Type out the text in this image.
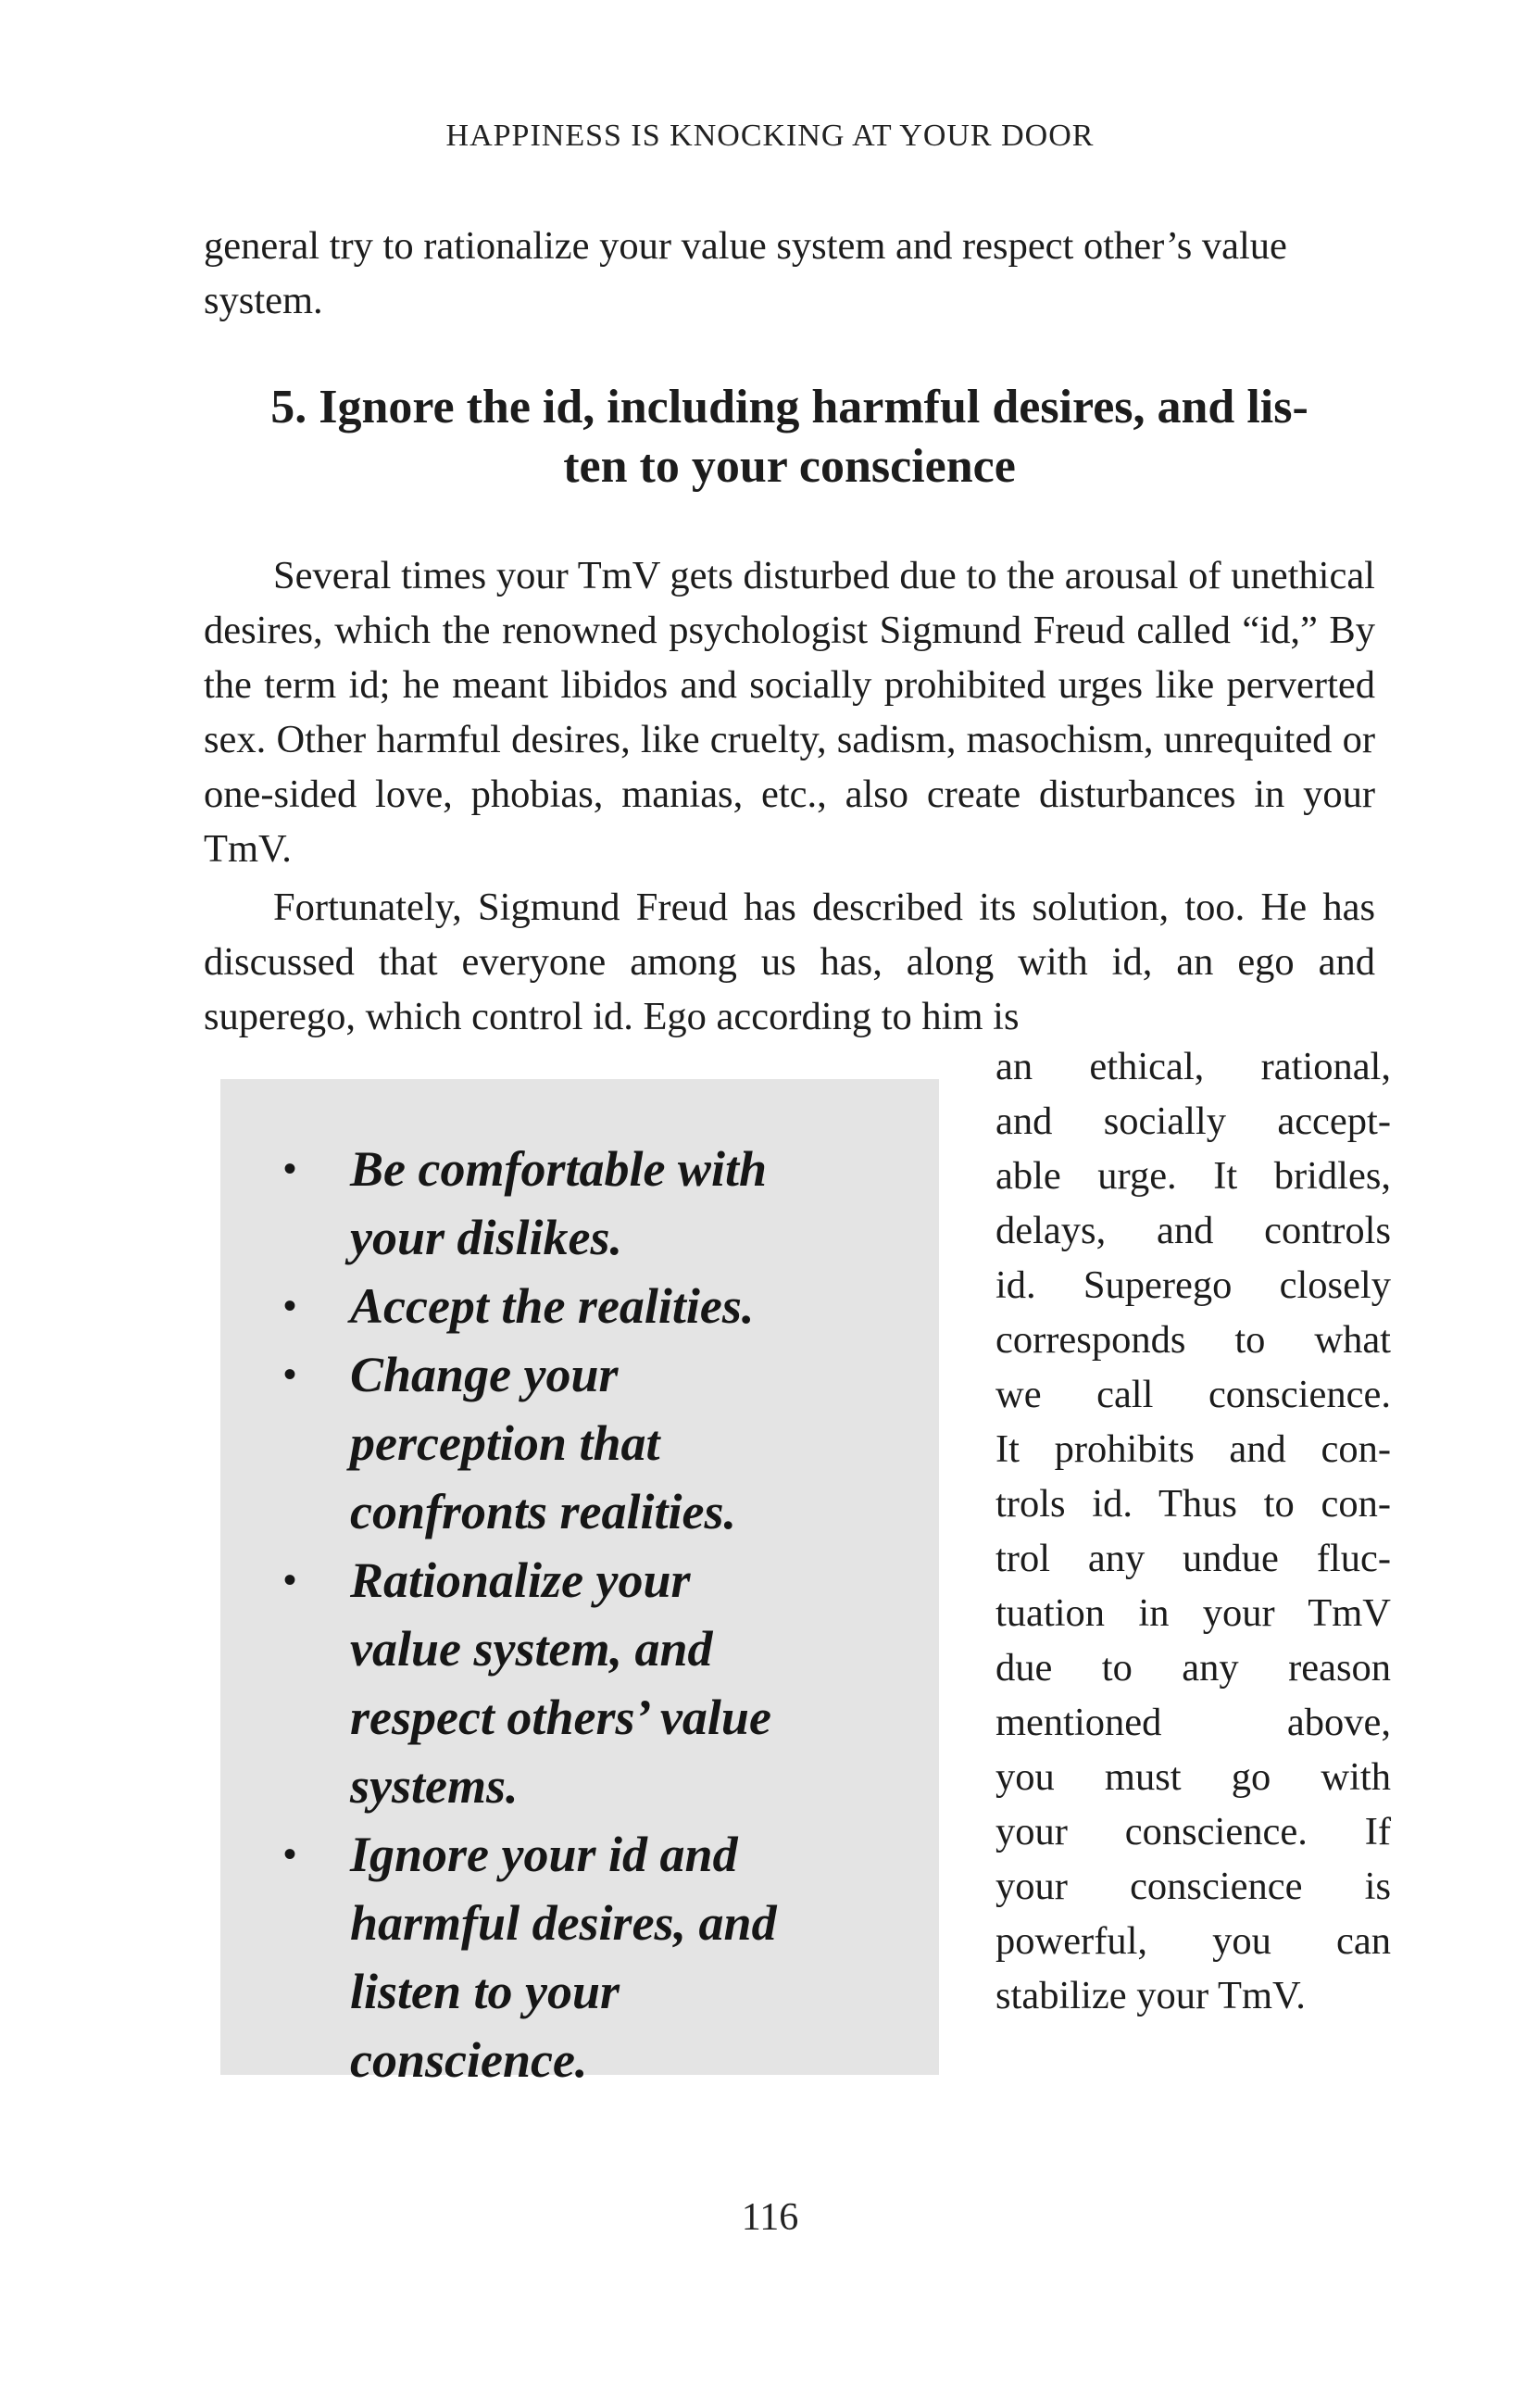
HAPPINESS IS KNOCKING AT YOUR DOOR

general try to rationalize your value system and respect other’s value system.

5. Ignore the id, including harmful desires, and lis-
ten to your conscience

Several times your TmV gets disturbed due to the arousal of unethical desires, which the renowned psychologist Sigmund Freud called “id,” By the term id; he meant libidos and socially prohibited urges like perverted sex. Other harmful desires, like cruelty, sadism, masochism, unrequited or one-sided love, phobias, manias, etc., also create disturbances in your TmV.

Fortunately, Sigmund Freud has described its solution, too. He has discussed that everyone among us has, along with id, an ego and superego, which control id. Ego according to him is

an ethical, rational,
and socially accept-
able urge. It bridles,
delays, and controls
id. Superego closely
corresponds to what
we call conscience.
It prohibits and con-
trols id. Thus to con-
trol any undue fluc-
tuation in your TmV
due to any reason
mentioned above,
you must go with
your conscience. If
your conscience is
powerful, you can
stabilize your TmV.

• Be comfortable with your dislikes.
• Accept the realities.
• Change your perception that confronts realities.
• Rationalize your value system, and respect others’ value systems.
• Ignore your id and harmful desires, and listen to your conscience.
116
